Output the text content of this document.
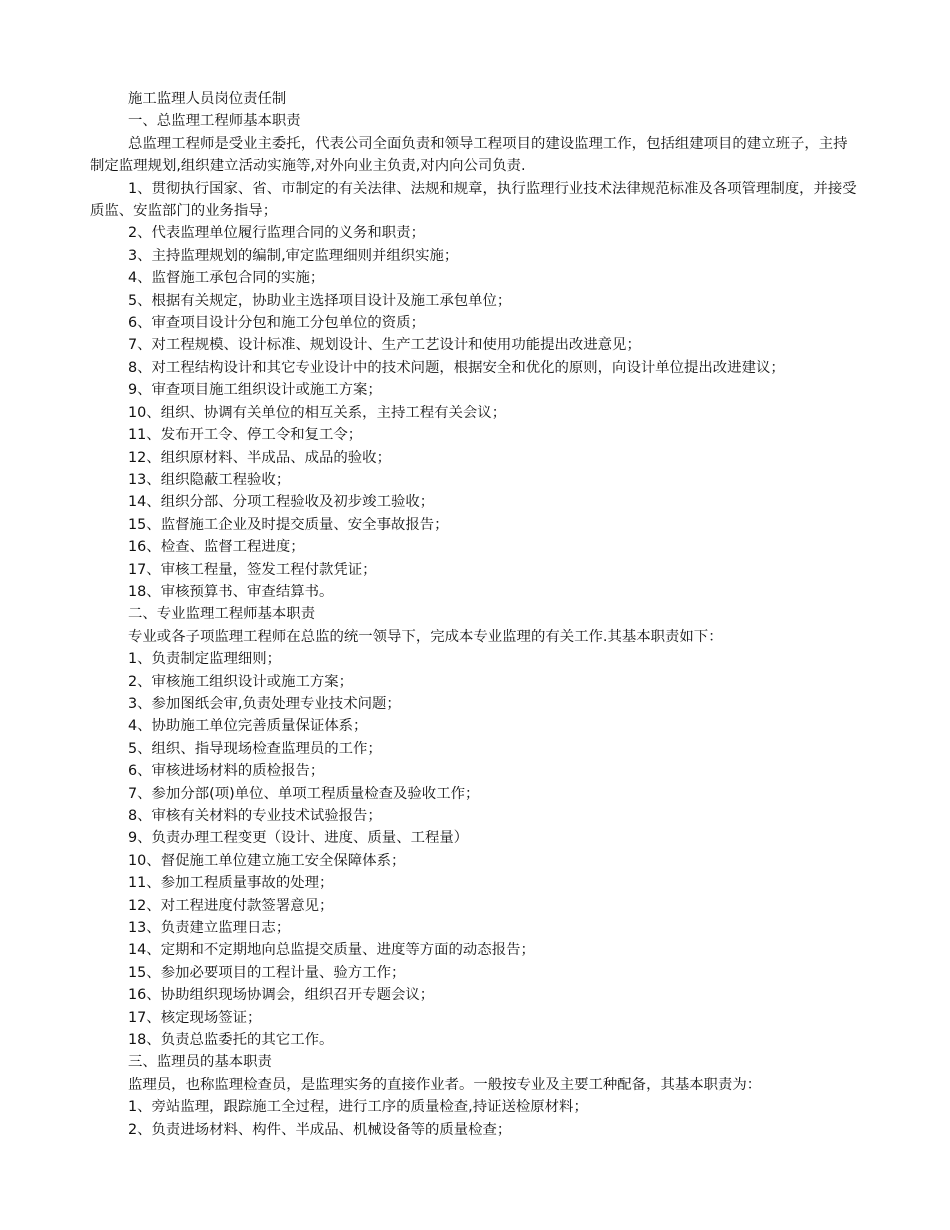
施工监理人员岗位责任制

一、总监理工程师基本职责

总监理工程师是受业主委托，代表公司全面负责和领导工程项目的建设监理工作，包括组建项目的建立班子，主持制定监理规划,组织建立活动实施等,对外向业主负责,对内向公司负责.

1、贯彻执行国家、省、市制定的有关法律、法规和规章，执行监理行业技术法律规范标准及各项管理制度，并接受质监、安监部门的业务指导；

2、代表监理单位履行监理合同的义务和职责；

3、主持监理规划的编制,审定监理细则并组织实施；

4、监督施工承包合同的实施；

5、根据有关规定，协助业主选择项目设计及施工承包单位；

6、审查项目设计分包和施工分包单位的资质；

7、对工程规模、设计标准、规划设计、生产工艺设计和使用功能提出改进意见；

8、对工程结构设计和其它专业设计中的技术问题，根据安全和优化的原则，向设计单位提出改进建议；

9、审查项目施工组织设计或施工方案；

10、组织、协调有关单位的相互关系，主持工程有关会议；

11、发布开工令、停工令和复工令；

12、组织原材料、半成品、成品的验收；

13、组织隐蔽工程验收；

14、组织分部、分项工程验收及初步竣工验收；

15、监督施工企业及时提交质量、安全事故报告；

16、检查、监督工程进度；

17、审核工程量，签发工程付款凭证；

18、审核预算书、审查结算书。

二、专业监理工程师基本职责

专业或各子项监理工程师在总监的统一领导下，完成本专业监理的有关工作.其基本职责如下：

1、负责制定监理细则；

2、审核施工组织设计或施工方案；

3、参加图纸会审,负责处理专业技术问题；

4、协助施工单位完善质量保证体系；

5、组织、指导现场检查监理员的工作；

6、审核进场材料的质检报告；

7、参加分部(项)单位、单项工程质量检查及验收工作；

8、审核有关材料的专业技术试验报告；

9、负责办理工程变更（设计、进度、质量、工程量）

10、督促施工单位建立施工安全保障体系；

11、参加工程质量事故的处理；

12、对工程进度付款签署意见；

13、负责建立监理日志；

14、定期和不定期地向总监提交质量、进度等方面的动态报告；

15、参加必要项目的工程计量、验方工作；

16、协助组织现场协调会，组织召开专题会议；

17、核定现场签证；

18、负责总监委托的其它工作。

三、监理员的基本职责

监理员，也称监理检查员，是监理实务的直接作业者。一般按专业及主要工种配备，其基本职责为：

1、旁站监理，跟踪施工全过程，进行工序的质量检查,持证送检原材料；

2、负责进场材料、构件、半成品、机械设备等的质量检查；
